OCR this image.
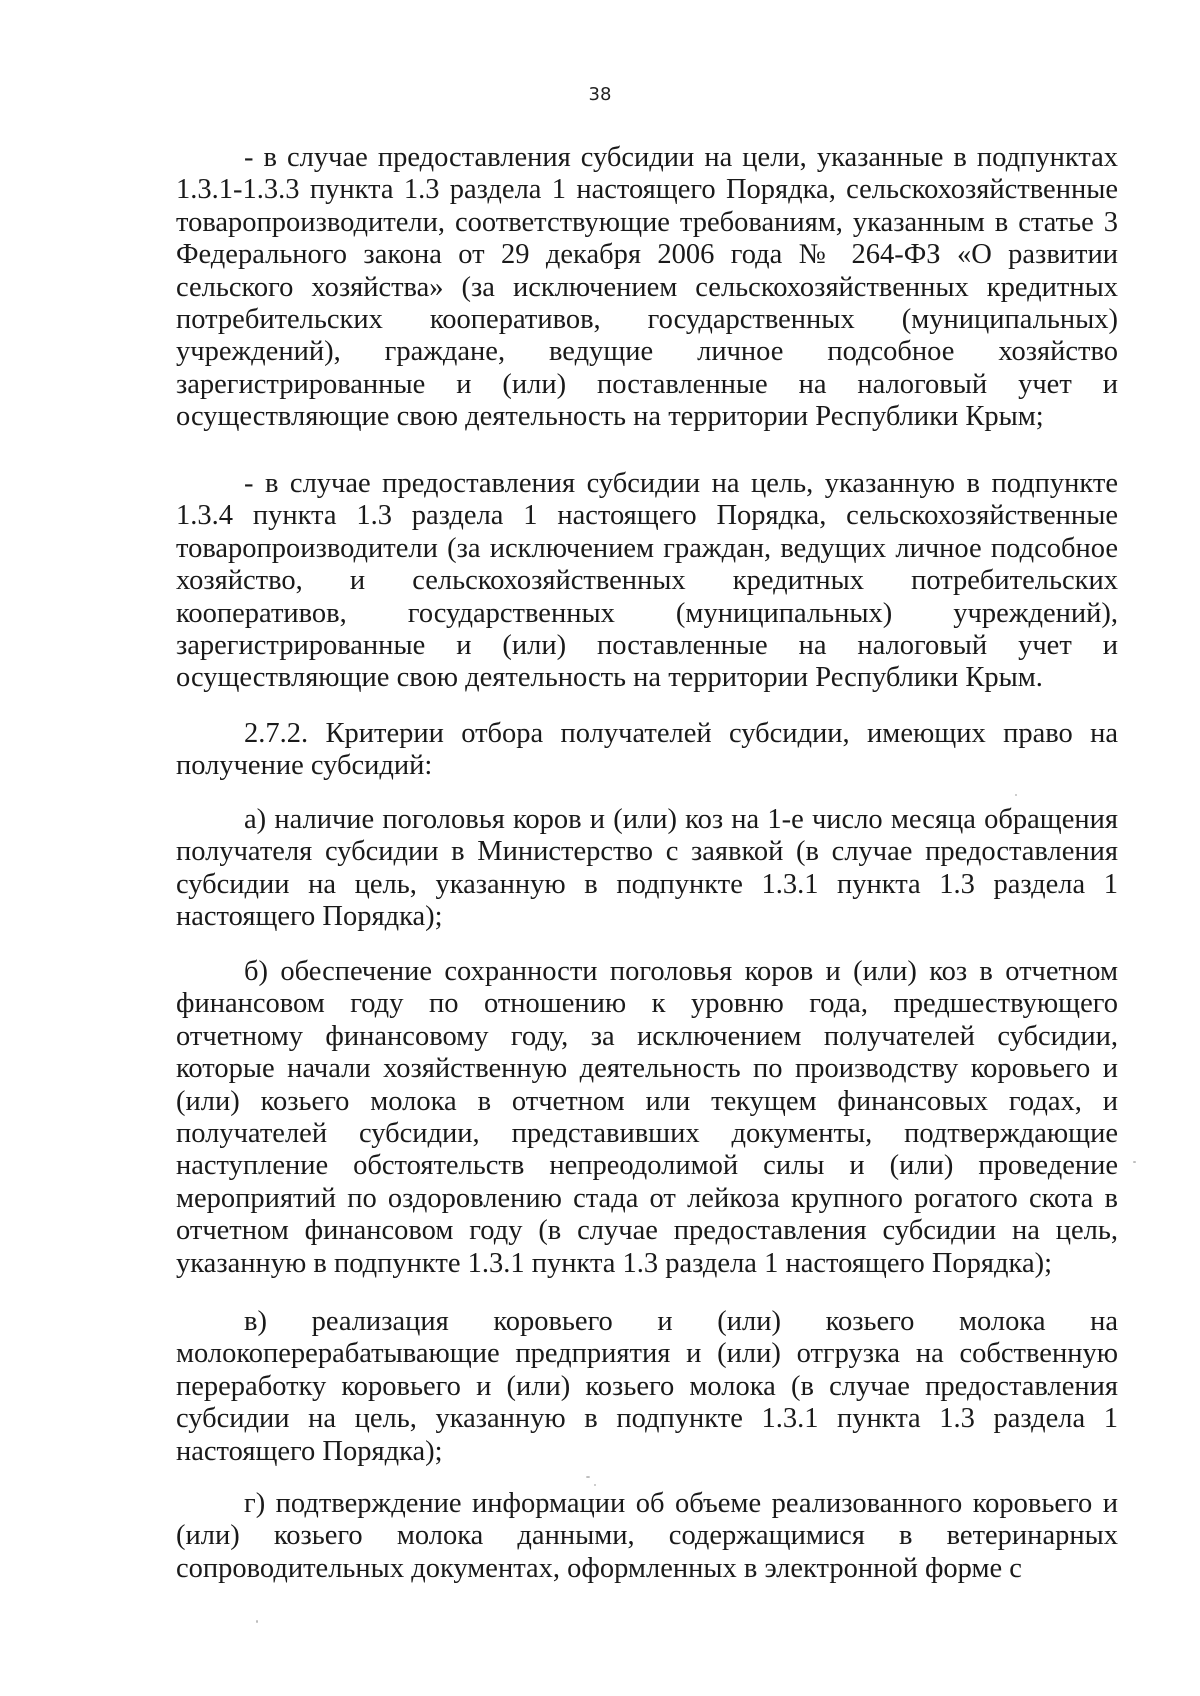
38

- в случае предоставления субсидии на цели, указанные в подпунктах 1.3.1-1.3.3 пункта 1.3 раздела 1 настоящего Порядка, сельскохозяйственные товаропроизводители, соответствующие требованиям, указанным в статье 3 Федерального закона от 29 декабря 2006 года № 264-ФЗ «О развитии сельского хозяйства» (за исключением сельскохозяйственных кредитных потребительских кооперативов, государственных (муниципальных) учреждений), граждане, ведущие личное подсобное хозяйство зарегистрированные и (или) поставленные на налоговый учет и осуществляющие свою деятельность на территории Республики Крым;

- в случае предоставления субсидии на цель, указанную в подпункте 1.3.4 пункта 1.3 раздела 1 настоящего Порядка, сельскохозяйственные товаропроизводители (за исключением граждан, ведущих личное подсобное хозяйство, и сельскохозяйственных кредитных потребительских кооперативов, государственных (муниципальных) учреждений), зарегистрированные и (или) поставленные на налоговый учет и осуществляющие свою деятельность на территории Республики Крым.

2.7.2. Критерии отбора получателей субсидии, имеющих право на получение субсидий:

а) наличие поголовья коров и (или) коз на 1-е число месяца обращения получателя субсидии в Министерство с заявкой (в случае предоставления субсидии на цель, указанную в подпункте 1.3.1 пункта 1.3 раздела 1 настоящего Порядка);

б) обеспечение сохранности поголовья коров и (или) коз в отчетном финансовом году по отношению к уровню года, предшествующего отчетному финансовому году, за исключением получателей субсидии, которые начали хозяйственную деятельность по производству коровьего и (или) козьего молока в отчетном или текущем финансовых годах, и получателей субсидии, представивших документы, подтверждающие наступление обстоятельств непреодолимой силы и (или) проведение мероприятий по оздоровлению стада от лейкоза крупного рогатого скота в отчетном финансовом году (в случае предоставления субсидии на цель, указанную в подпункте 1.3.1 пункта 1.3 раздела 1 настоящего Порядка);

в) реализация коровьего и (или) козьего молока на молокоперерабатывающие предприятия и (или) отгрузка на собственную переработку коровьего и (или) козьего молока (в случае предоставления субсидии на цель, указанную в подпункте 1.3.1 пункта 1.3 раздела 1 настоящего Порядка);

г) подтверждение информации об объеме реализованного коровьего и (или) козьего молока данными, содержащимися в ветеринарных сопроводительных документах, оформленных в электронной форме с
